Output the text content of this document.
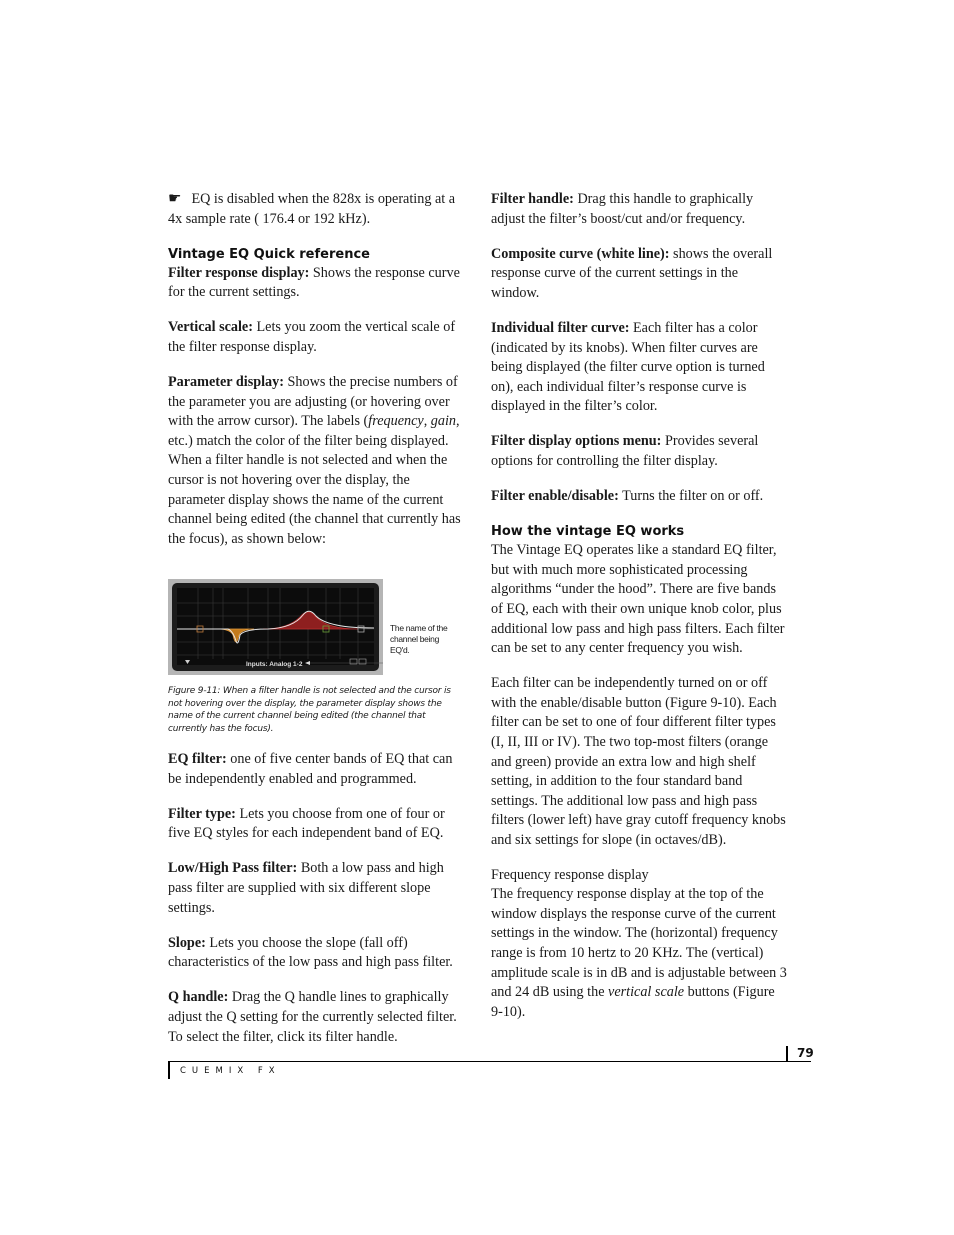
☛ EQ is disabled when the 828x is operating at a 4x sample rate ( 176.4 or 192 kHz).

Vintage EQ Quick reference

Filter response display: Shows the response curve for the current settings.

Vertical scale: Lets you zoom the vertical scale of the filter response display.

Parameter display: Shows the precise numbers of the parameter you are adjusting (or hovering over with the arrow cursor). The labels (frequency, gain, etc.) match the color of the filter being displayed. When a filter handle is not selected and when the cursor is not hovering over the display, the parameter display shows the name of the current channel being edited (the channel that currently has the focus), as shown below:

Inputs: Analog 1-2
The name of the channel being EQ'd.
Figure 9-11: When a filter handle is not selected and the cursor is not hovering over the display, the parameter display shows the name of the current channel being edited (the channel that currently has the focus).

EQ filter: one of five center bands of EQ that can be independently enabled and programmed.

Filter type: Lets you choose from one of four or five EQ styles for each independent band of EQ.

Low/High Pass filter: Both a low pass and high pass filter are supplied with six different slope settings.

Slope: Lets you choose the slope (fall off) characteristics of the low pass and high pass filter.

Q handle: Drag the Q handle lines to graphically adjust the Q setting for the currently selected filter. To select the filter, click its filter handle.

Filter handle: Drag this handle to graphically adjust the filter’s boost/cut and/or frequency.

Composite curve (white line): shows the overall response curve of the current settings in the window.

Individual filter curve: Each filter has a color (indicated by its knobs). When filter curves are being displayed (the filter curve option is turned on), each individual filter’s response curve is displayed in the filter’s color.

Filter display options menu: Provides several options for controlling the filter display.

Filter enable/disable: Turns the filter on or off.

How the vintage EQ works

The Vintage EQ operates like a standard EQ filter, but with much more sophisticated processing algorithms “under the hood”. There are five bands of EQ, each with their own unique knob color, plus additional low pass and high pass filters. Each filter can be set to any center frequency you wish.

Each filter can be independently turned on or off with the enable/disable button (Figure 9-10). Each filter can be set to one of four different filter types (I, II, III or IV). The two top-most filters (orange and green) provide an extra low and high shelf setting, in addition to the four standard band settings. The additional low pass and high pass filters (lower left) have gray cutoff frequency knobs and six settings for slope (in octaves/dB).

Frequency response display

The frequency response display at the top of the window displays the response curve of the current settings in the window. The (horizontal) frequency range is from 10 hertz to 20 KHz. The (vertical) amplitude scale is in dB and is adjustable between 3 and 24 dB using the vertical scale buttons (Figure 9-10).

79
CUEMIX FX
